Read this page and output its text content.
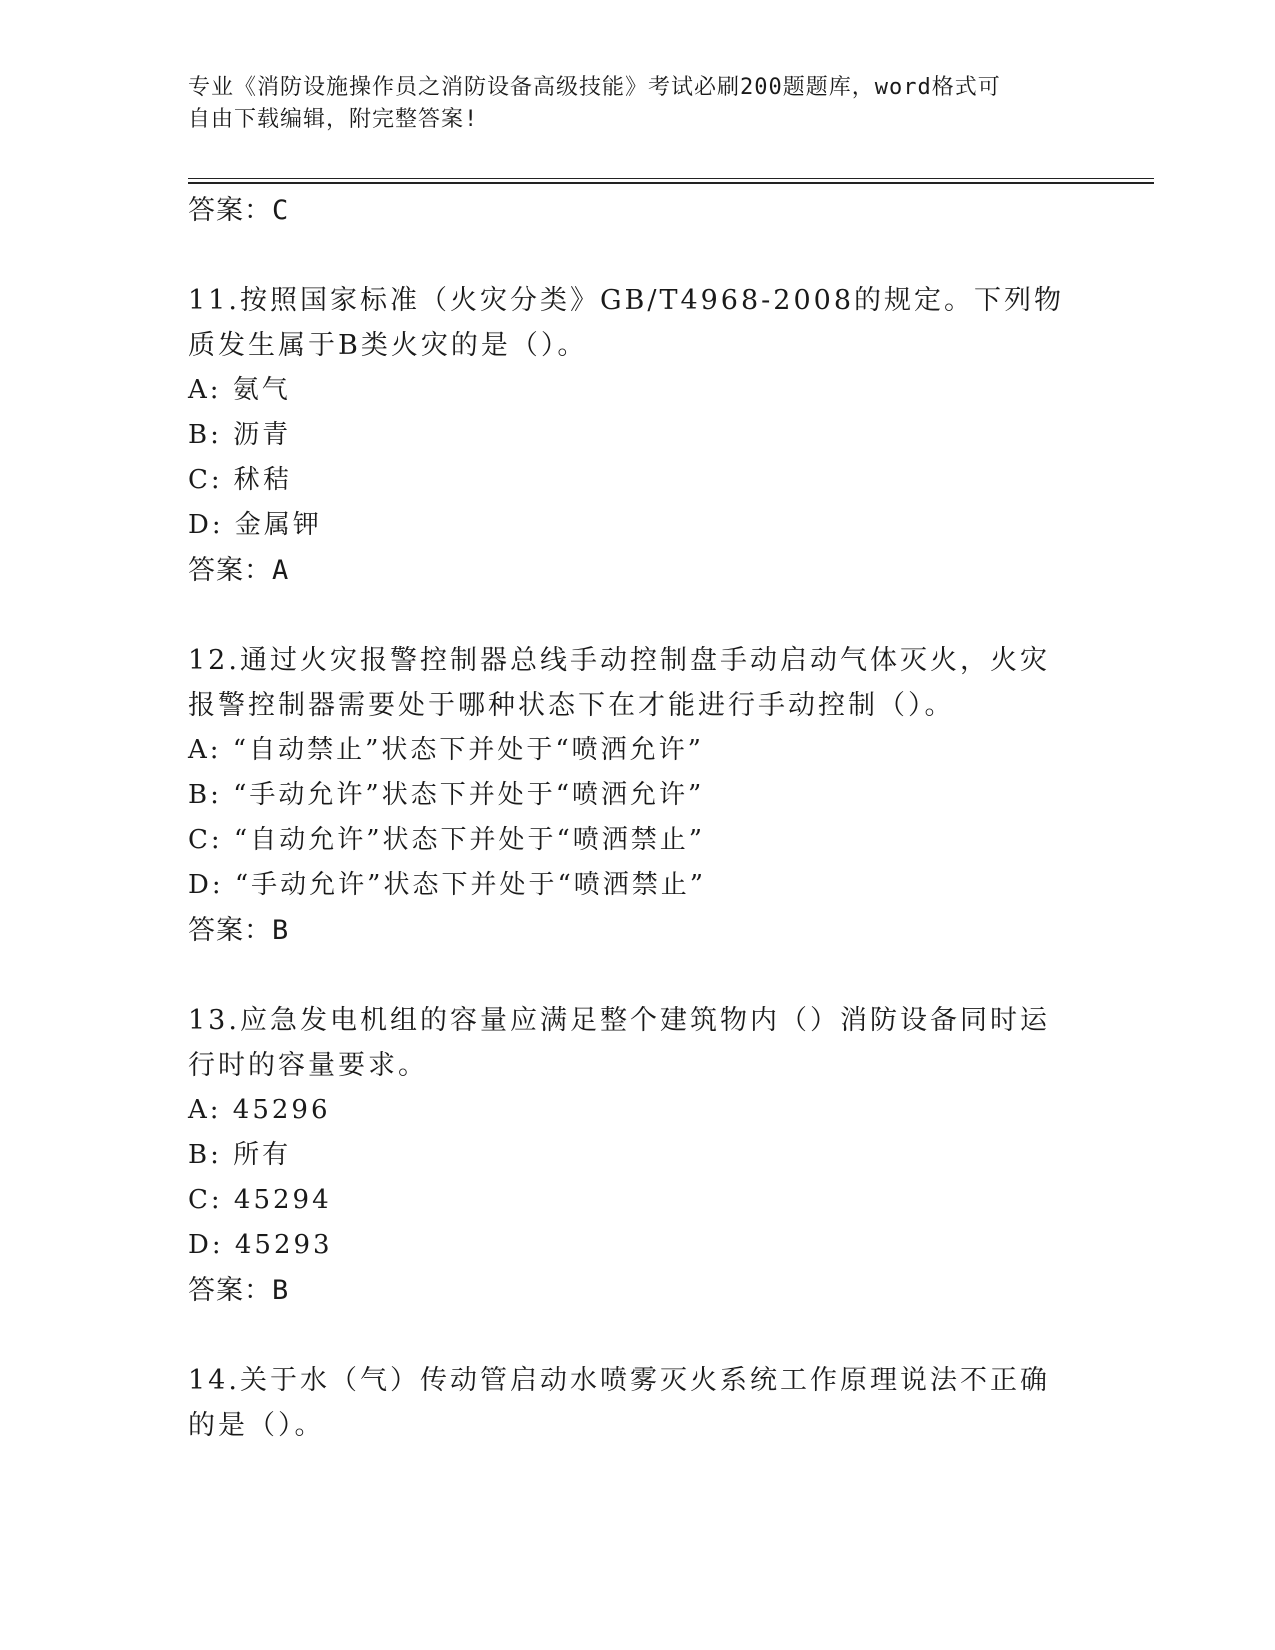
专业《消防设施操作员之消防设备高级技能》考试必刷200题题库，word格式可
自由下载编辑，附完整答案!

答案：C

11.按照国家标准（火灾分类》GB/T4968-2008的规定。下列物质发生属于B类火灾的是（）。

A: 氨气

B: 沥青

C: 秫秸

D: 金属钾

答案：A

12.通过火灾报警控制器总线手动控制盘手动启动气体灭火，火灾报警控制器需要处于哪种状态下在才能进行手动控制（）。

A: “自动禁止”状态下并处于“喷洒允许”

B: “手动允许”状态下并处于“喷洒允许”

C: “自动允许”状态下并处于“喷洒禁止”

D: “手动允许”状态下并处于“喷洒禁止”

答案：B

13.应急发电机组的容量应满足整个建筑物内（）消防设备同时运行时的容量要求。

A: 45296

B: 所有

C: 45294

D: 45293

答案：B

14.关于水（气）传动管启动水喷雾灭火系统工作原理说法不正确的是（）。
